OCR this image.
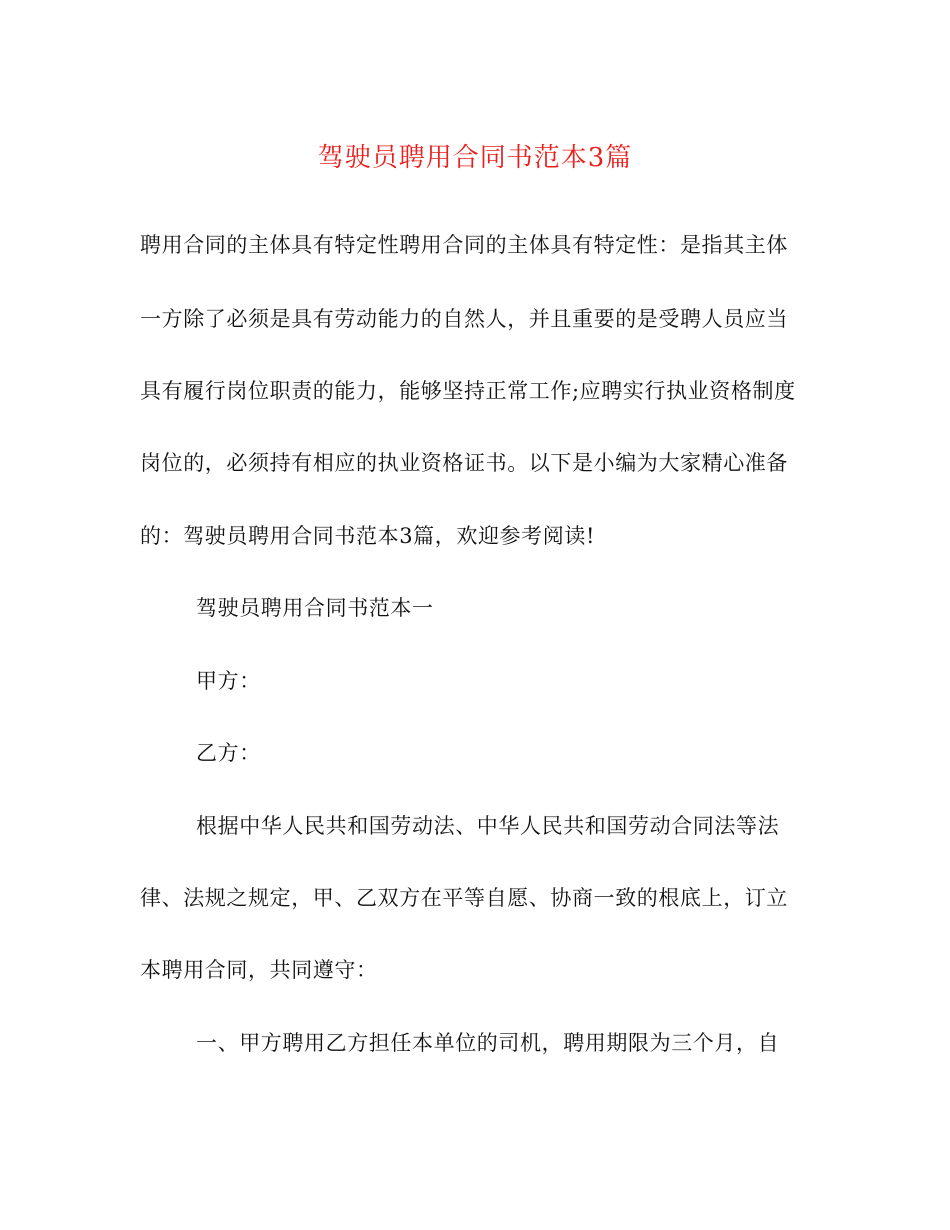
驾驶员聘用合同书范本3篇
聘用合同的主体具有特定性聘用合同的主体具有特定性：是指其主体
一方除了必须是具有劳动能力的自然人，并且重要的是受聘人员应当
具有履行岗位职责的能力，能够坚持正常工作;应聘实行执业资格制度
岗位的，必须持有相应的执业资格证书。以下是小编为大家精心准备
的：驾驶员聘用合同书范本3篇，欢迎参考阅读!
驾驶员聘用合同书范本一
甲方：
乙方：
根据中华人民共和国劳动法、中华人民共和国劳动合同法等法
律、法规之规定，甲、乙双方在平等自愿、协商一致的根底上，订立
本聘用合同，共同遵守：
一、甲方聘用乙方担任本单位的司机，聘用期限为三个月，自
